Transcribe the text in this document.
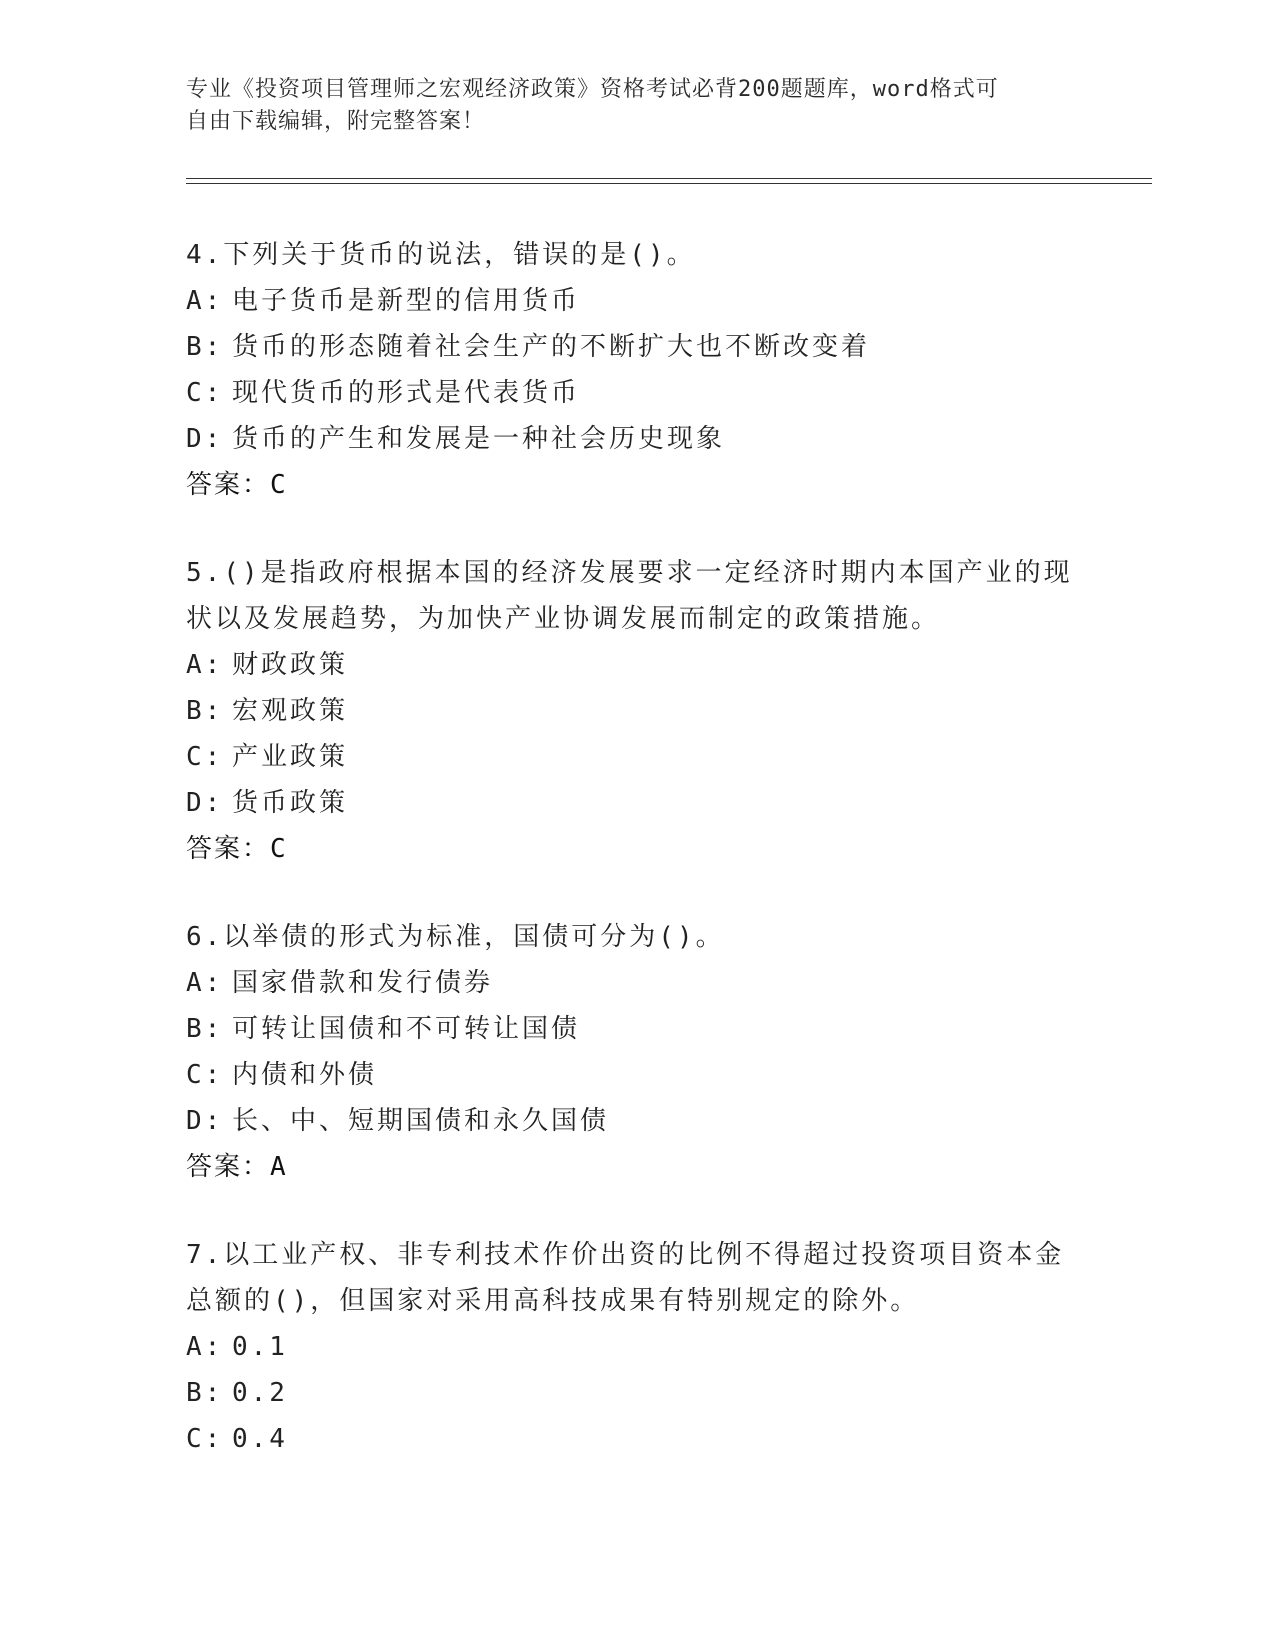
专业《投资项目管理师之宏观经济政策》资格考试必背200题题库，word格式可
自由下载编辑，附完整答案！
4.下列关于货币的说法，错误的是()。
A: 电子货币是新型的信用货币
B: 货币的形态随着社会生产的不断扩大也不断改变着
C: 现代货币的形式是代表货币
D: 货币的产生和发展是一种社会历史现象
答案：C
5.()是指政府根据本国的经济发展要求一定经济时期内本国产业的现
状以及发展趋势，为加快产业协调发展而制定的政策措施。
A: 财政政策
B: 宏观政策
C: 产业政策
D: 货币政策
答案：C
6.以举债的形式为标准，国债可分为()。
A: 国家借款和发行债券
B: 可转让国债和不可转让国债
C: 内债和外债
D: 长、中、短期国债和永久国债
答案：A
7.以工业产权、非专利技术作价出资的比例不得超过投资项目资本金
总额的()，但国家对采用高科技成果有特别规定的除外。
A: 0.1
B: 0.2
C: 0.4
